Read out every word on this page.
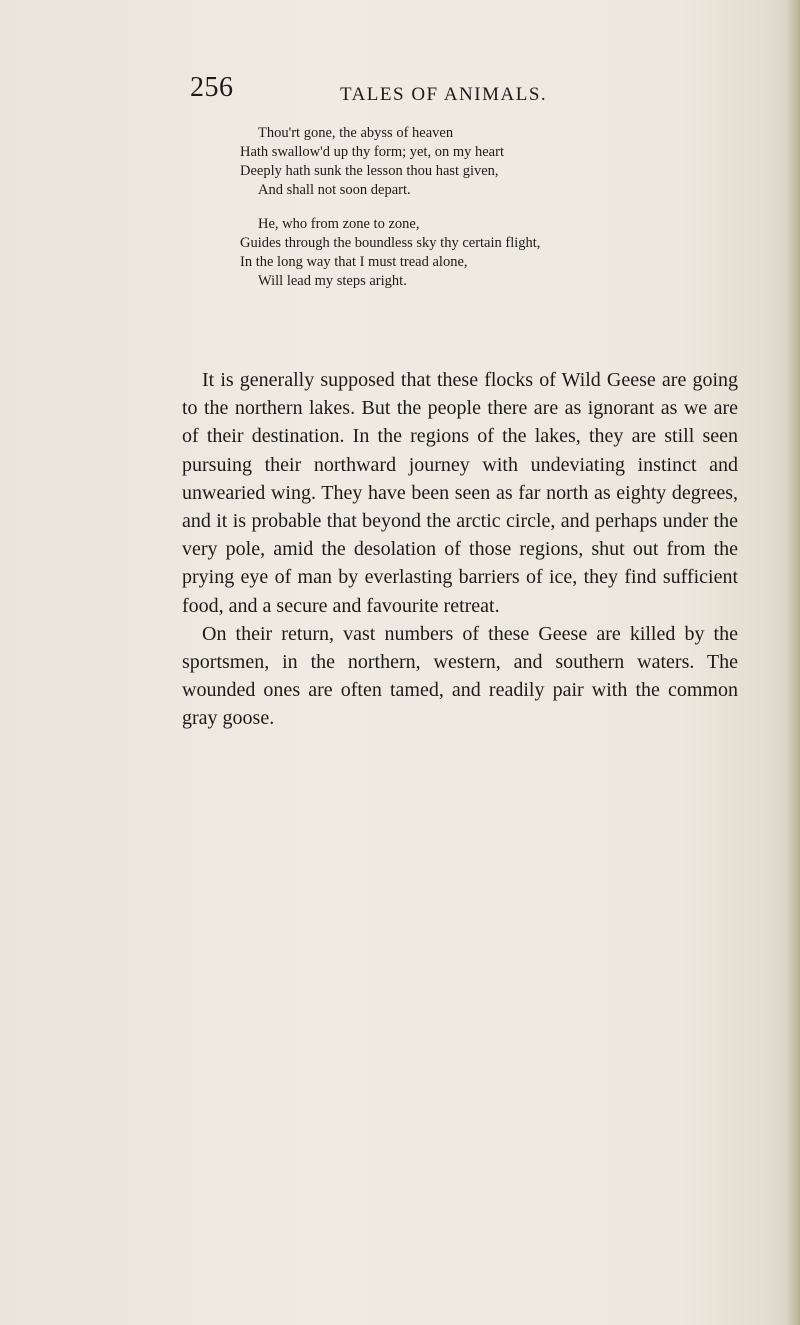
256	TALES OF ANIMALS.
Thou'rt gone, the abyss of heaven
Hath swallow'd up thy form; yet, on my heart
Deeply hath sunk the lesson thou hast given,
And shall not soon depart.
He, who from zone to zone,
Guides through the boundless sky thy certain flight,
In the long way that I must tread alone,
Will lead my steps aright.

It is generally supposed that these flocks of Wild Geese are going to the northern lakes. But the people there are as ignorant as we are of their destination. In the regions of the lakes, they are still seen pursuing their northward journey with undeviating instinct and unwearied wing. They have been seen as far north as eighty degrees, and it is probable that beyond the arctic circle, and perhaps under the very pole, amid the desolation of those regions, shut out from the prying eye of man by everlasting barriers of ice, they find sufficient food, and a secure and favourite retreat.

On their return, vast numbers of these Geese are killed by the sportsmen, in the northern, western, and southern waters. The wounded ones are often tamed, and readily pair with the common gray goose.
